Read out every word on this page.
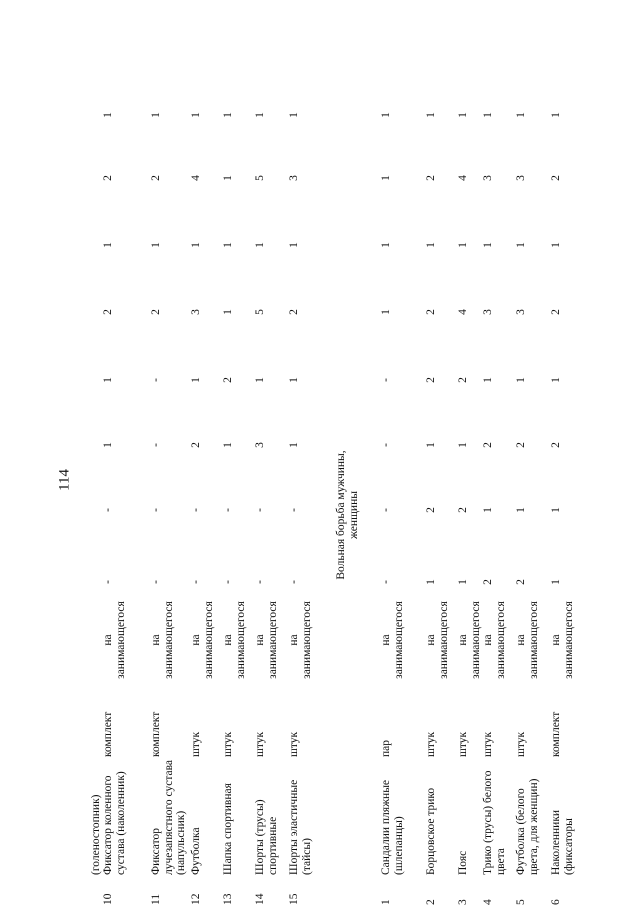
114
(голеностопник)
10
Фиксатор коленного сустава (наколенник)
комплект
на занимающегося
-
-
1
1
2
1
2
1
11
Фиксатор лучезапястного сустава (напульсник)
комплект
на занимающегося
-
-
-
-
2
1
2
1
12
Футболка
штук
на занимающегося
-
-
2
1
3
1
4
1
13
Шапка спортивная
штук
на занимающегося
-
-
1
2
1
1
1
1
14
Шорты (трусы) спортивные
штук
на занимающегося
-
-
3
1
5
1
5
1
15
Шорты эластичные (тайсы)
штук
на занимающегося
-
-
1
1
2
1
3
1
Вольная борьба мужчины, женщины
1
Сандалии пляжные (шлепанцы)
пар
на занимающегося
-
-
-
-
1
1
1
1
2
Борцовское трико
штук
на занимающегося
1
2
1
2
2
1
2
1
3
Пояс
штук
на занимающегося
1
2
1
2
4
1
4
1
4
Трико (трусы) белого цвета
штук
на занимающегося
2
1
2
1
3
1
3
1
5
Футболка (белого цвета, для женщин)
штук
на занимающегося
2
1
2
1
3
1
3
1
6
Наколенники (фиксаторы
комплект
на занимающегося
1
1
2
1
2
1
2
1
